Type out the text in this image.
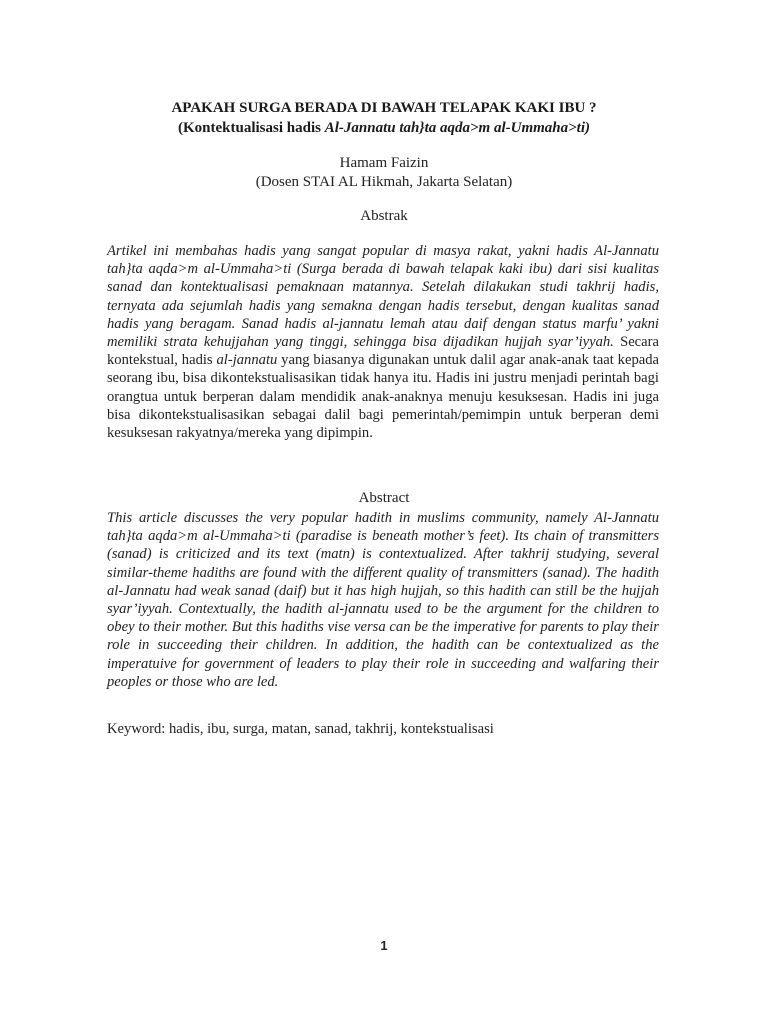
APAKAH SURGA BERADA DI BAWAH TELAPAK KAKI IBU ?
(Kontektualisasi hadis Al-Jannatu tah}ta aqda>m al-Ummaha>ti)
Hamam Faizin
(Dosen STAI AL Hikmah, Jakarta Selatan)
Abstrak
Artikel ini membahas hadis yang sangat popular di masya rakat, yakni hadis Al-Jannatu tah}ta aqda>m al-Ummaha>ti (Surga berada di bawah telapak kaki ibu) dari sisi kualitas sanad dan kontektualisasi pemaknaan matannya. Setelah dilakukan studi takhrij hadis, ternyata ada sejumlah hadis yang semakna dengan hadis tersebut, dengan kualitas sanad hadis yang beragam. Sanad hadis al-jannatu lemah atau daif dengan status marfu’ yakni memiliki strata kehujjahan yang tinggi, sehingga bisa dijadikan hujjah syar’iyyah. Secara kontekstual, hadis al-jannatu yang biasanya digunakan untuk dalil agar anak-anak taat kepada seorang ibu, bisa dikontekstualisasikan tidak hanya itu. Hadis ini justru menjadi perintah bagi orangtua untuk berperan dalam mendidik anak-anaknya menuju kesuksesan. Hadis ini juga bisa dikontekstualisasikan sebagai dalil bagi pemerintah/pemimpin untuk berperan demi kesuksesan rakyatnya/mereka yang dipimpin.
Abstract
This article discusses the very popular hadith in muslims community, namely Al-Jannatu tah}ta aqda>m al-Ummaha>ti (paradise is beneath mother’s feet). Its chain of transmitters (sanad) is criticized and its text (matn) is contextualized. After takhrij studying, several similar-theme hadiths are found with the different quality of transmitters (sanad). The hadith al-Jannatu had weak sanad (daif) but it has high hujjah, so this hadith can still be the hujjah syar’iyyah. Contextually, the hadith al-jannatu used to be the argument for the children to obey to their mother. But this hadiths vise versa can be the imperative for parents to play their role in succeeding their children. In addition, the hadith can be contextualized as the imperatuive for government of leaders to play their role in succeeding and walfaring their peoples or those who are led.
Keyword: hadis, ibu, surga, matan, sanad, takhrij, kontekstualisasi
1
